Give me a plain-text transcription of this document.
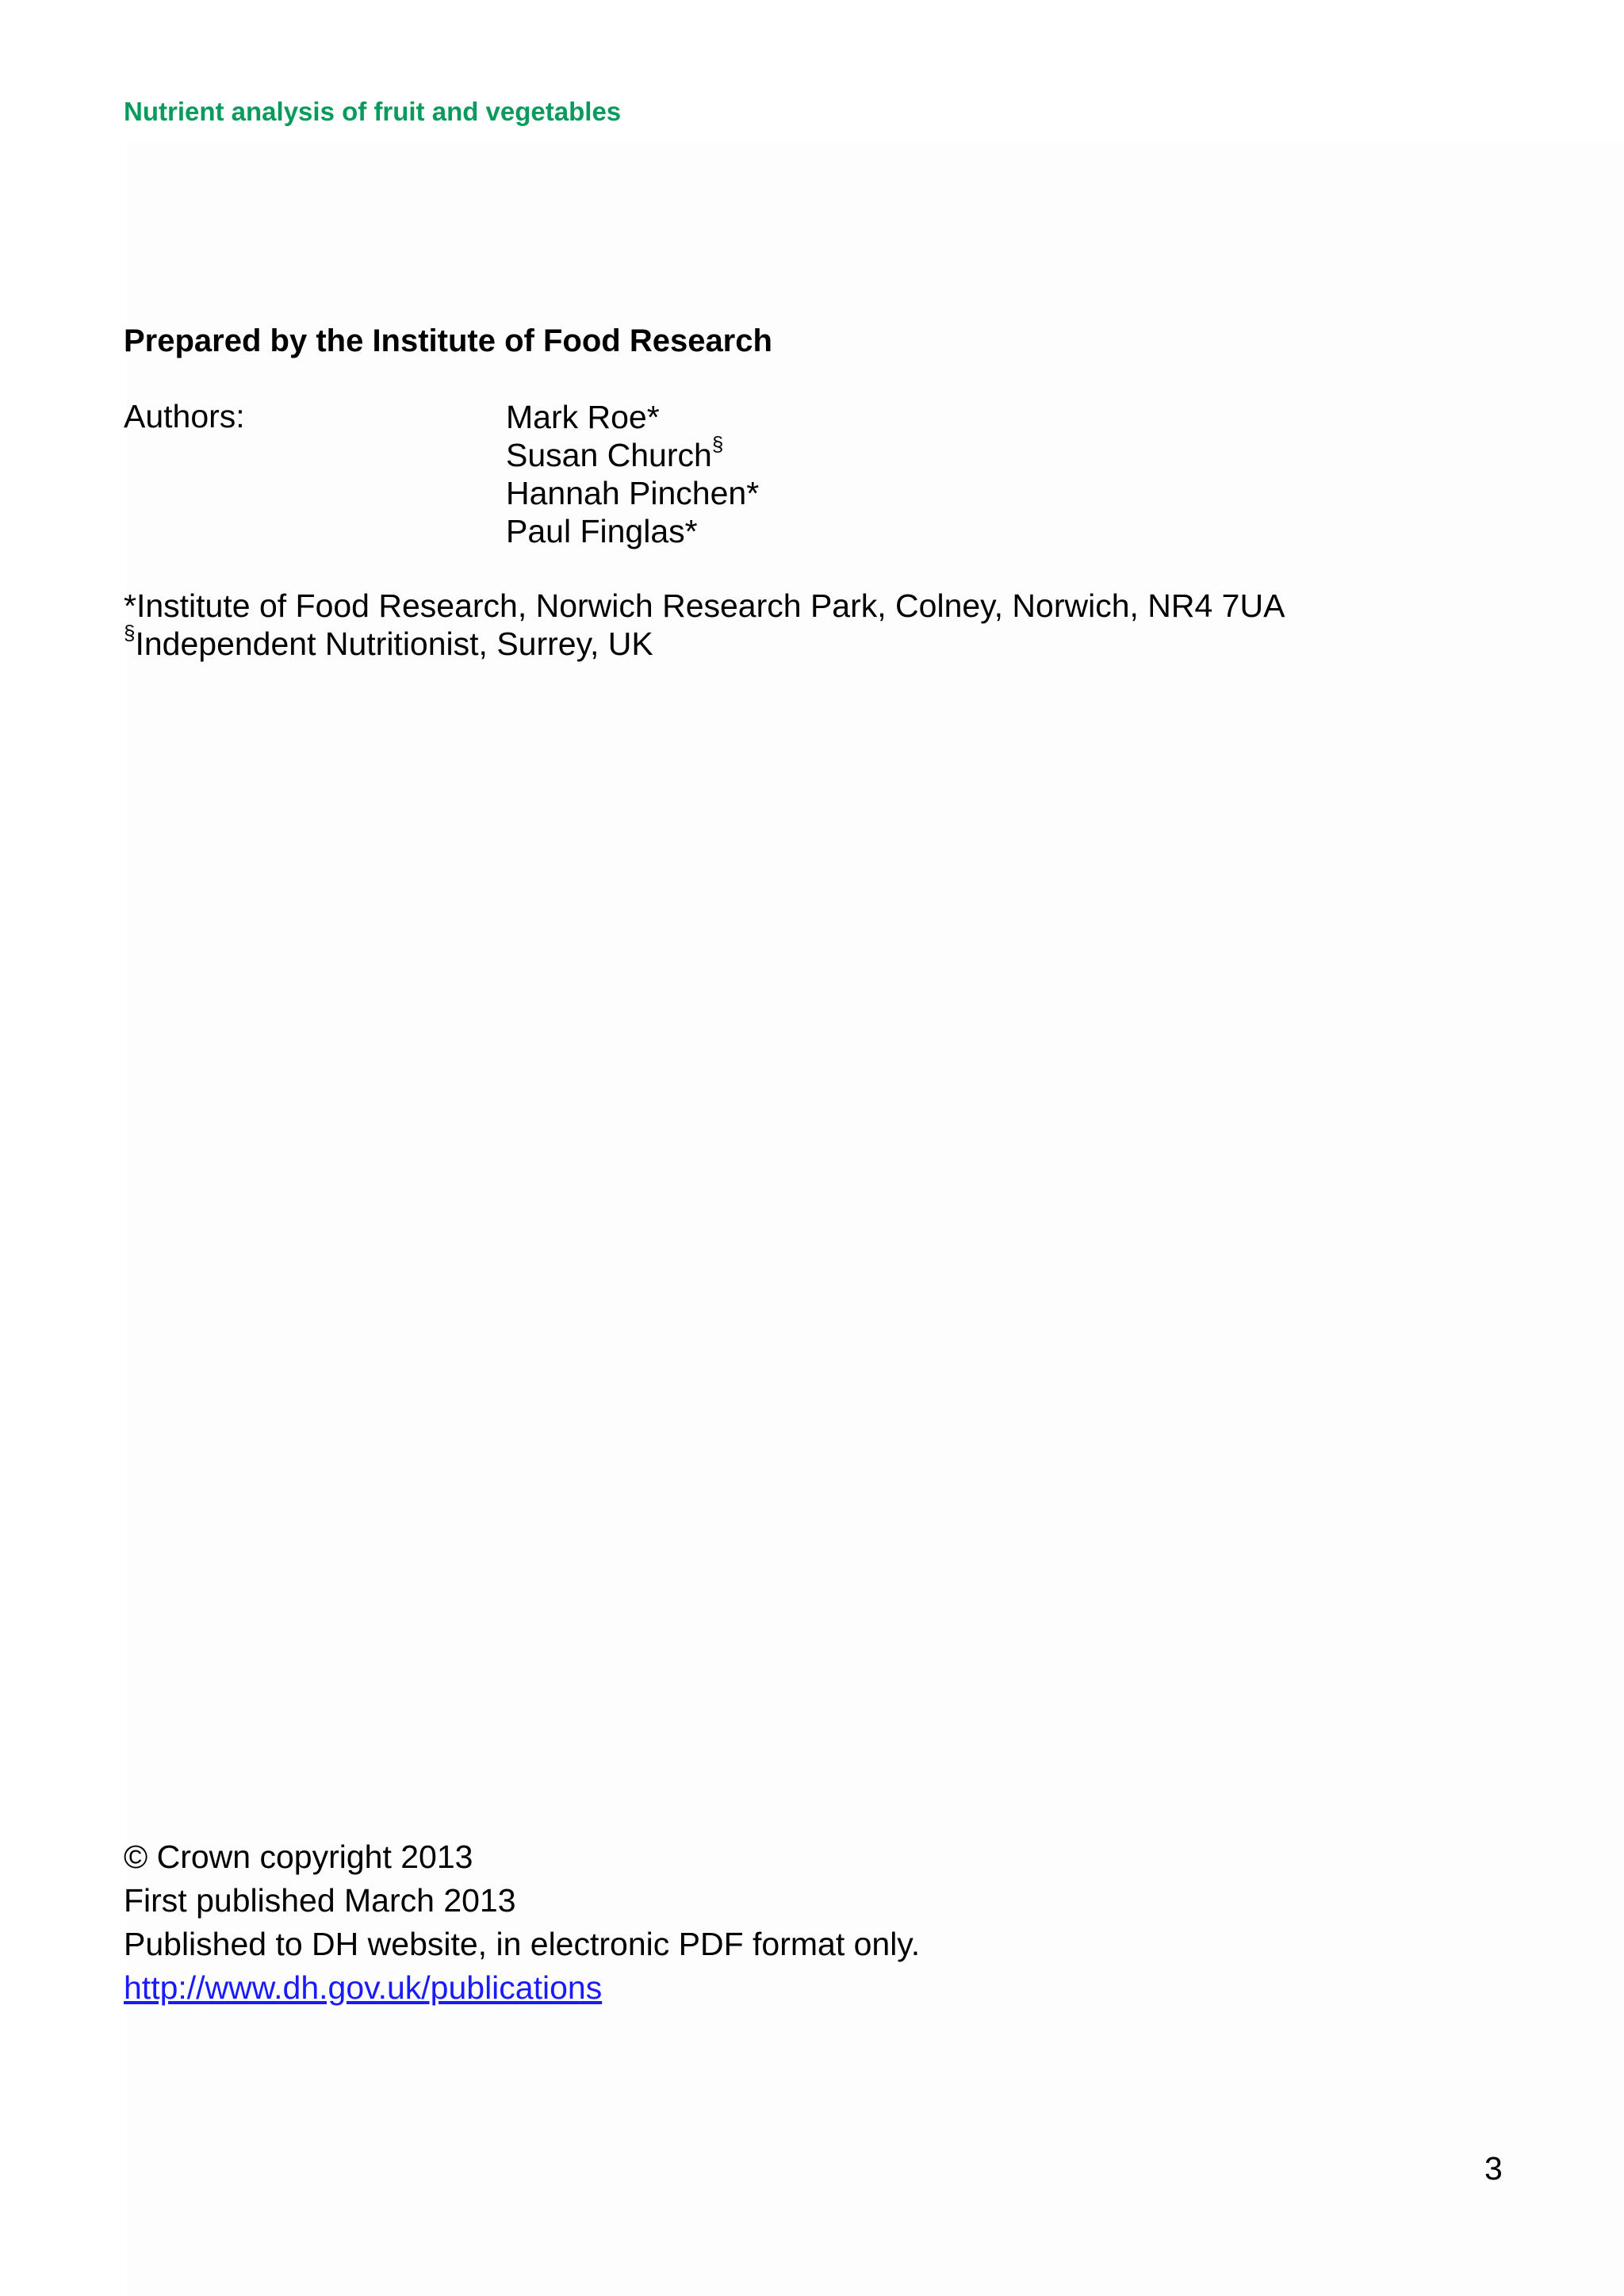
Nutrient analysis of fruit and vegetables
Prepared by the Institute of Food Research
Authors:	Mark Roe*
Susan Church§
Hannah Pinchen*
Paul Finglas*
*Institute of Food Research, Norwich Research Park, Colney, Norwich, NR4 7UA
§Independent Nutritionist, Surrey, UK
© Crown copyright 2013
First published March 2013
Published to DH website, in electronic PDF format only.
http://www.dh.gov.uk/publications
3
